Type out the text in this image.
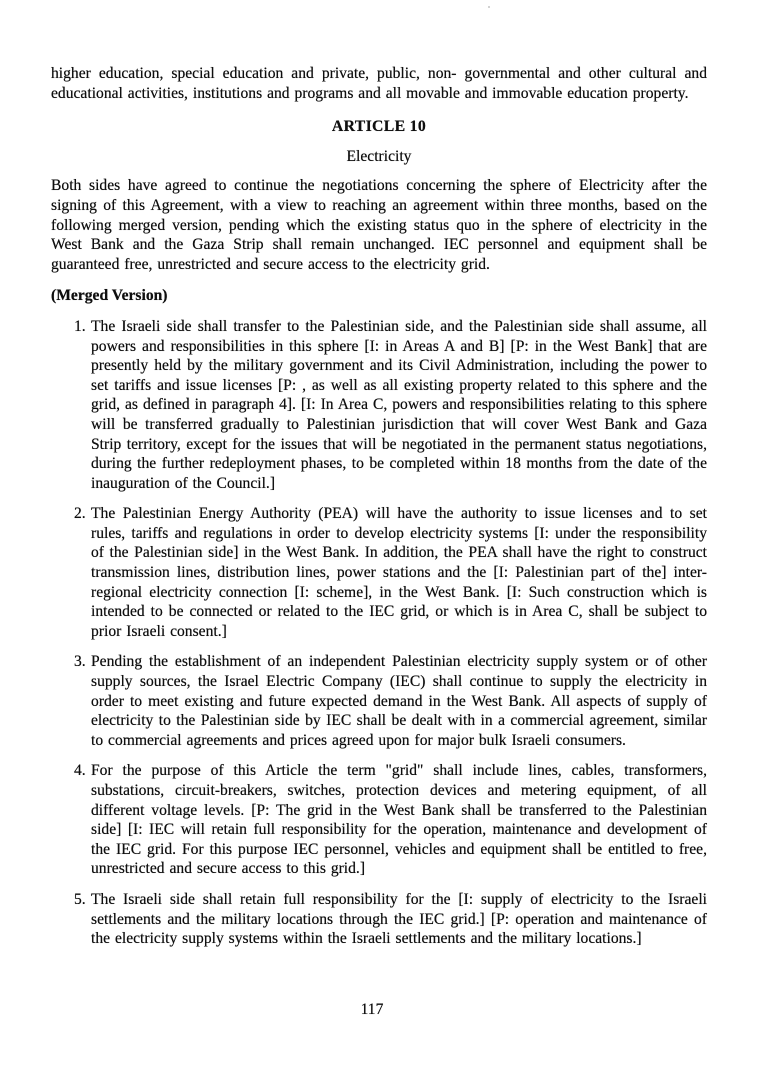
higher education, special education and private, public, non- governmental and other cultural and educational activities, institutions and programs and all movable and immovable education property.

ARTICLE 10
Electricity

Both sides have agreed to continue the negotiations concerning the sphere of Electricity after the signing of this Agreement, with a view to reaching an agreement within three months, based on the following merged version, pending which the existing status quo in the sphere of electricity in the West Bank and the Gaza Strip shall remain unchanged. IEC personnel and equipment shall be guaranteed free, unrestricted and secure access to the electricity grid.

(Merged Version)

1. The Israeli side shall transfer to the Palestinian side, and the Palestinian side shall assume, all powers and responsibilities in this sphere [I: in Areas A and B] [P: in the West Bank] that are presently held by the military government and its Civil Administration, including the power to set tariffs and issue licenses [P: , as well as all existing property related to this sphere and the grid, as defined in paragraph 4]. [I: In Area C, powers and responsibilities relating to this sphere will be transferred gradually to Palestinian jurisdiction that will cover West Bank and Gaza Strip territory, except for the issues that will be negotiated in the permanent status negotiations, during the further redeployment phases, to be completed within 18 months from the date of the inauguration of the Council.]
2. The Palestinian Energy Authority (PEA) will have the authority to issue licenses and to set rules, tariffs and regulations in order to develop electricity systems [I: under the responsibility of the Palestinian side] in the West Bank. In addition, the PEA shall have the right to construct transmission lines, distribution lines, power stations and the [I: Palestinian part of the] inter-regional electricity connection [I: scheme], in the West Bank. [I: Such construction which is intended to be connected or related to the IEC grid, or which is in Area C, shall be subject to prior Israeli consent.]
3. Pending the establishment of an independent Palestinian electricity supply system or of other supply sources, the Israel Electric Company (IEC) shall continue to supply the electricity in order to meet existing and future expected demand in the West Bank. All aspects of supply of electricity to the Palestinian side by IEC shall be dealt with in a commercial agreement, similar to commercial agreements and prices agreed upon for major bulk Israeli consumers.
4. For the purpose of this Article the term "grid" shall include lines, cables, transformers, substations, circuit-breakers, switches, protection devices and metering equipment, of all different voltage levels. [P: The grid in the West Bank shall be transferred to the Palestinian side] [I: IEC will retain full responsibility for the operation, maintenance and development of the IEC grid. For this purpose IEC personnel, vehicles and equipment shall be entitled to free, unrestricted and secure access to this grid.]
5. The Israeli side shall retain full responsibility for the [I: supply of electricity to the Israeli settlements and the military locations through the IEC grid.] [P: operation and maintenance of the electricity supply systems within the Israeli settlements and the military locations.]
117
